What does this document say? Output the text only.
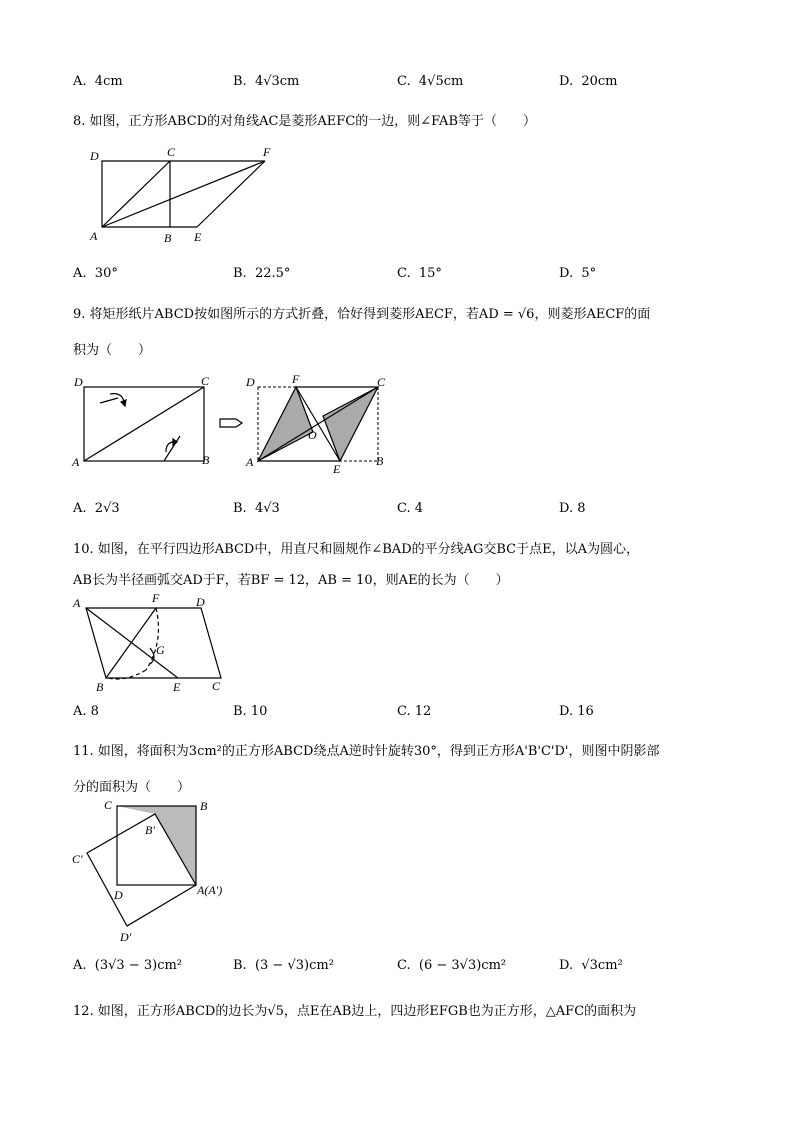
A. 4cm	B. 4√3cm	C. 4√5cm	D. 20cm
8. 如图，正方形ABCD的对角线AC是菱形AEFC的一边，则∠FAB等于（　　）
D	C	F
A	B E
A. 30°	B. 22.5°	C. 15°	D. 5°
9. 将矩形纸片ABCD按如图所示的方式折叠，恰好得到菱形AECF，若AD = √6，则菱形AECF的面
积为（　　）
D	C
A	B
D	F	C
A
O
E
B
A. 2√3	B. 4√3	C. 4	D. 8
10. 如图，在平行四边形ABCD中，用直尺和圆规作∠BAD的平分线AG交BC于点E，以A为圆心，
AB长为半径画弧交AD于F，若BF = 12，AB = 10，则AE的长为（　　）
A	F	D
G
B	E	C
A. 8	B. 10	C. 12	D. 16
11. 如图，将面积为3cm²的正方形ABCD绕点A逆时针旋转30°，得到正方形A'B'C'D'，则图中阴影部
分的面积为（　　）
C	B
B′
C′
D	A(A′)
D′
A. (3√3 − 3)cm²	B. (3 − √3)cm²	C. (6 − 3√3)cm²	D. √3cm²
12. 如图，正方形ABCD的边长为√5，点E在AB边上，四边形EFGB也为正方形，△AFC的面积为
